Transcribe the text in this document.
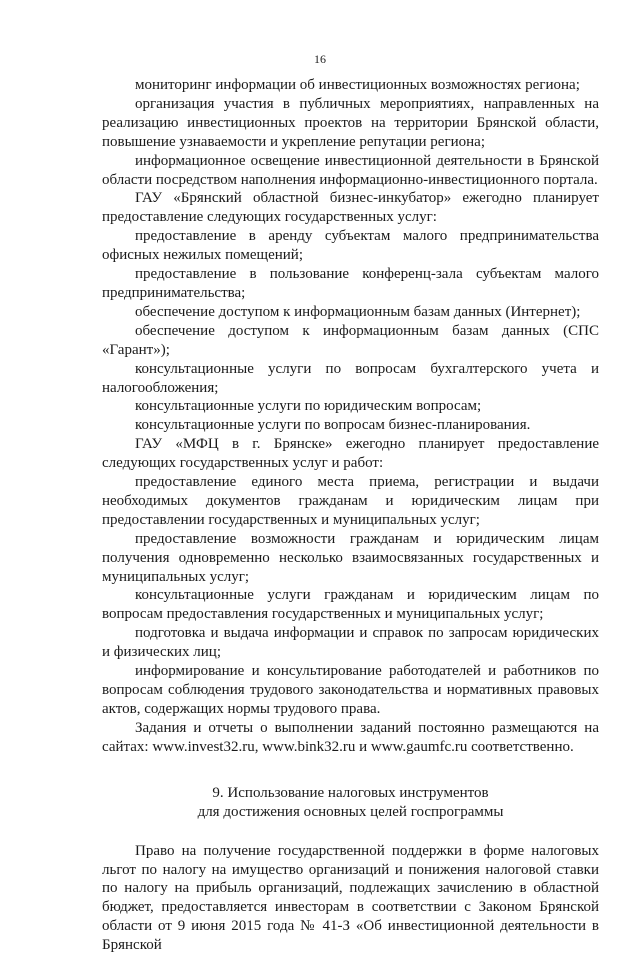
16

мониторинг информации об инвестиционных возможностях региона;

организация участия в публичных мероприятиях, направленных на реализацию инвестиционных проектов на территории Брянской области, повышение узнаваемости и укрепление репутации региона;

информационное освещение инвестиционной деятельности в Брянской области посредством наполнения информационно-инвестиционного портала.

ГАУ «Брянский областной бизнес-инкубатор» ежегодно планирует предоставление следующих государственных услуг:

предоставление в аренду субъектам малого предпринимательства офисных нежилых помещений;

предоставление в пользование конференц-зала субъектам малого предпринимательства;

обеспечение доступом к информационным базам данных (Интернет);

обеспечение доступом к информационным базам данных (СПС «Гарант»);

консультационные услуги по вопросам бухгалтерского учета и налогообложения;

консультационные услуги по юридическим вопросам;

консультационные услуги по вопросам бизнес-планирования.

ГАУ «МФЦ в г. Брянске» ежегодно планирует предоставление следующих государственных услуг и работ:

предоставление единого места приема, регистрации и выдачи необходимых документов гражданам и юридическим лицам при предоставлении государственных и муниципальных услуг;

предоставление возможности гражданам и юридическим лицам получения одновременно несколько взаимосвязанных государственных и муниципальных услуг;

консультационные услуги гражданам и юридическим лицам по вопросам предоставления государственных и муниципальных услуг;

подготовка и выдача информации и справок по запросам юридических и физических лиц;

информирование и консультирование работодателей и работников по вопросам соблюдения трудового законодательства и нормативных правовых актов, содержащих нормы трудового права.

Задания и отчеты о выполнении заданий постоянно размещаются на сайтах: www.invest32.ru, www.bink32.ru и www.gaumfc.ru соответственно.

9. Использование налоговых инструментов
для достижения основных целей госпрограммы

Право на получение государственной поддержки в форме налоговых льгот по налогу на имущество организаций и понижения налоговой ставки по налогу на прибыль организаций, подлежащих зачислению в областной бюджет, предоставляется инвесторам в соответствии с Законом Брянской области от 9 июня 2015 года № 41-З «Об инвестиционной деятельности в Брянской
